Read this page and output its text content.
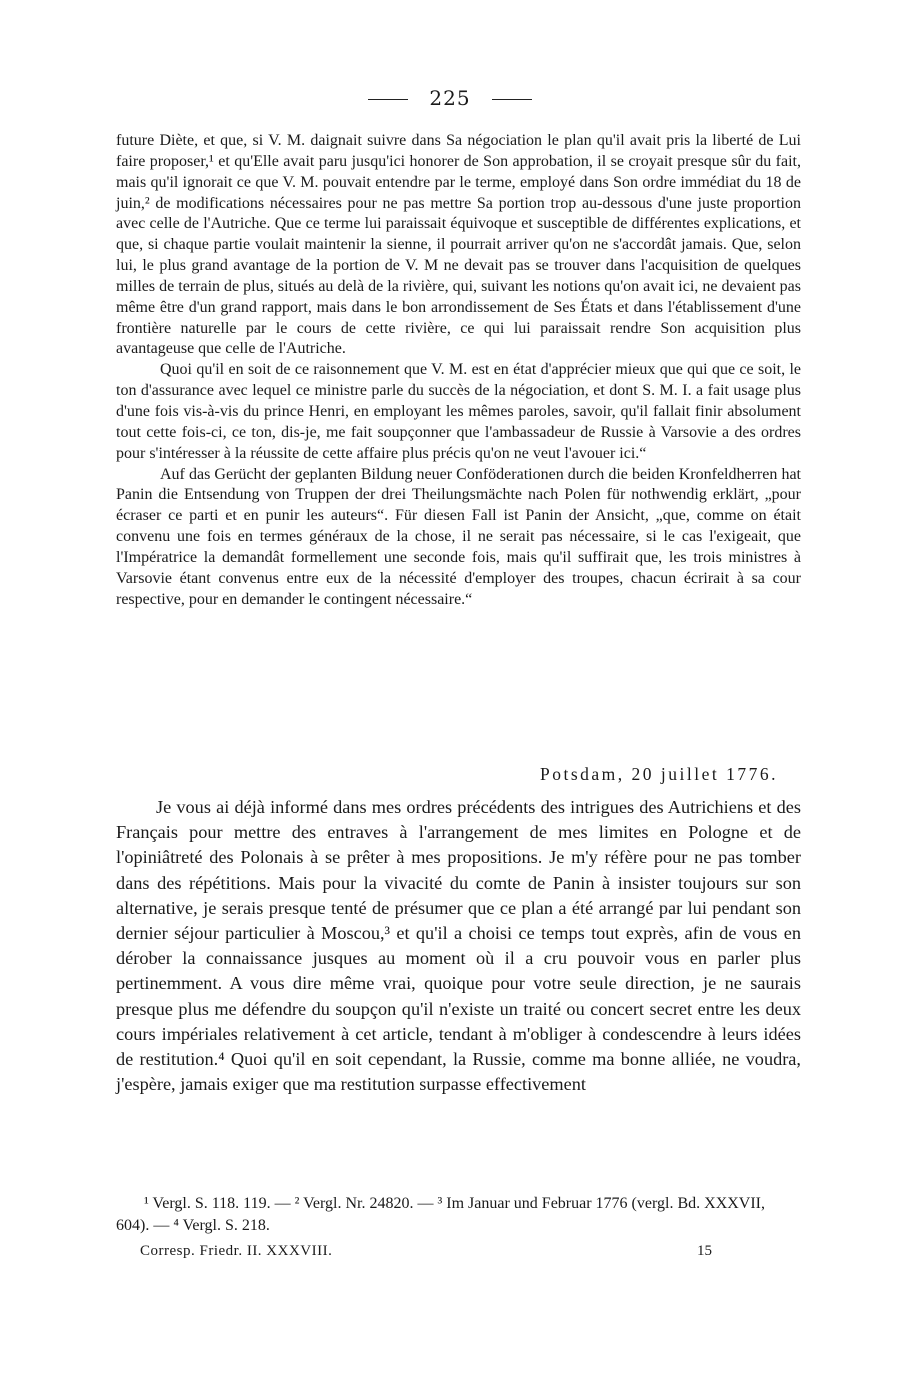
225

future Diète, et que, si V. M. daignait suivre dans Sa négociation le plan qu'il avait pris la liberté de Lui faire proposer,¹ et qu'Elle avait paru jusqu'ici honorer de Son approbation, il se croyait presque sûr du fait, mais qu'il ignorait ce que V. M. pouvait entendre par le terme, employé dans Son ordre immédiat du 18 de juin,² de modifications nécessaires pour ne pas mettre Sa portion trop au-dessous d'une juste proportion avec celle de l'Autriche. Que ce terme lui paraissait équivoque et susceptible de différentes explications, et que, si chaque partie voulait maintenir la sienne, il pourrait arriver qu'on ne s'accordât jamais. Que, selon lui, le plus grand avantage de la portion de V. M ne devait pas se trouver dans l'acquisition de quelques milles de terrain de plus, situés au delà de la rivière, qui, suivant les notions qu'on avait ici, ne devaient pas même être d'un grand rapport, mais dans le bon arrondissement de Ses États et dans l'établissement d'une frontière naturelle par le cours de cette rivière, ce qui lui paraissait rendre Son acquisition plus avantageuse que celle de l'Autriche.

Quoi qu'il en soit de ce raisonnement que V. M. est en état d'apprécier mieux que qui que ce soit, le ton d'assurance avec lequel ce ministre parle du succès de la négociation, et dont S. M. I. a fait usage plus d'une fois vis-à-vis du prince Henri, en employant les mêmes paroles, savoir, qu'il fallait finir absolument tout cette fois-ci, ce ton, dis-je, me fait soupçonner que l'ambassadeur de Russie à Varsovie a des ordres pour s'intéresser à la réussite de cette affaire plus précis qu'on ne veut l'avouer ici.“

Auf das Gerücht der geplanten Bildung neuer Conföderationen durch die beiden Kronfeldherren hat Panin die Entsendung von Truppen der drei Theilungsmächte nach Polen für nothwendig erklärt, „pour écraser ce parti et en punir les auteurs“. Für diesen Fall ist Panin der Ansicht, „que, comme on était convenu une fois en termes généraux de la chose, il ne serait pas nécessaire, si le cas l'exigeait, que l'Impératrice la demandât formellement une seconde fois, mais qu'il suffirait que, les trois ministres à Varsovie étant convenus entre eux de la nécessité d'employer des troupes, chacun écrirait à sa cour respective, pour en demander le contingent nécessaire.“

Potsdam, 20 juillet 1776.

Je vous ai déjà informé dans mes ordres précédents des intrigues des Autrichiens et des Français pour mettre des entraves à l'arrangement de mes limites en Pologne et de l'opiniâtreté des Polonais à se prêter à mes propositions. Je m'y réfère pour ne pas tomber dans des répétitions. Mais pour la vivacité du comte de Panin à insister toujours sur son alternative, je serais presque tenté de présumer que ce plan a été arrangé par lui pendant son dernier séjour particulier à Moscou,³ et qu'il a choisi ce temps tout exprès, afin de vous en dérober la connaissance jusques au moment où il a cru pouvoir vous en parler plus pertinemment. A vous dire même vrai, quoique pour votre seule direction, je ne saurais presque plus me défendre du soupçon qu'il n'existe un traité ou concert secret entre les deux cours impériales relativement à cet article, tendant à m'obliger à condescendre à leurs idées de restitution.⁴ Quoi qu'il en soit cependant, la Russie, comme ma bonne alliée, ne voudra, j'espère, jamais exiger que ma restitution surpasse effectivement

¹ Vergl. S. 118. 119. — ² Vergl. Nr. 24820. — ³ Im Januar und Februar 1776 (vergl. Bd. XXXVII, 604). — ⁴ Vergl. S. 218.

Corresp. Friedr. II. XXXVIII.	15
